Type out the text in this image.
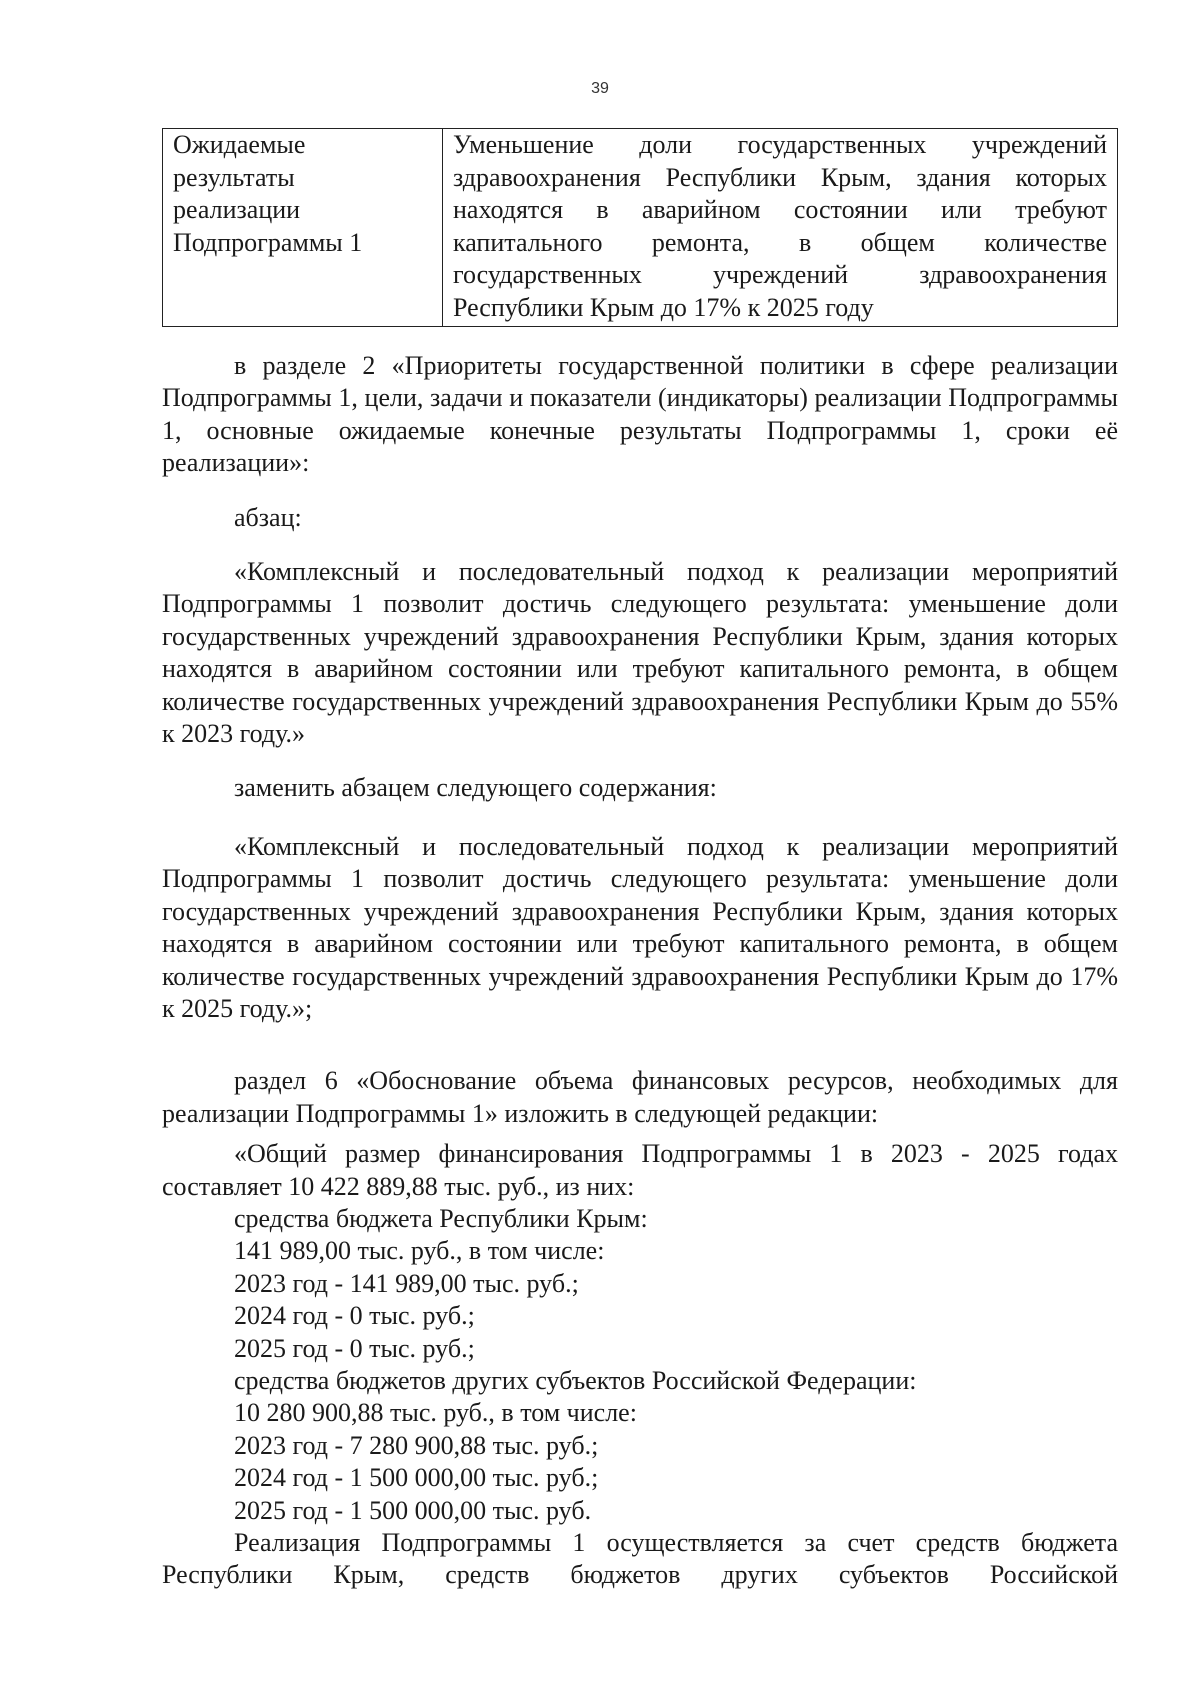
39
Ожидаемые
результаты
реализации
Подпрограммы 1
	Уменьшение доли государственных учреждений здравоохранения Республики Крым, здания которых находятся в аварийном состоянии или требуют капитального ремонта, в общем количестве государственных учреждений здравоохранения Республики Крым до 17% к 2025 году

в разделе 2 «Приоритеты государственной политики в сфере реализации Подпрограммы 1, цели, задачи и показатели (индикаторы) реализации Подпрограммы 1, основные ожидаемые конечные результаты Подпрограммы 1, сроки её реализации»:

абзац:

«Комплексный и последовательный подход к реализации мероприятий Подпрограммы 1 позволит достичь следующего результата: уменьшение доли государственных учреждений здравоохранения Республики Крым, здания которых находятся в аварийном состоянии или требуют капитального ремонта, в общем количестве государственных учреждений здравоохранения Республики Крым до 55% к 2023 году.»

заменить абзацем следующего содержания:

«Комплексный и последовательный подход к реализации мероприятий Подпрограммы 1 позволит достичь следующего результата: уменьшение доли государственных учреждений здравоохранения Республики Крым, здания которых находятся в аварийном состоянии или требуют капитального ремонта, в общем количестве государственных учреждений здравоохранения Республики Крым до 17% к 2025 году.»;

раздел 6 «Обоснование объема финансовых ресурсов, необходимых для реализации Подпрограммы 1» изложить в следующей редакции:

«Общий размер финансирования Подпрограммы 1 в 2023 - 2025 годах составляет 10 422 889,88 тыс. руб., из них:

средства бюджета Республики Крым:
141 989,00 тыс. руб., в том числе:
2023 год - 141 989,00 тыс. руб.;
2024 год - 0 тыс. руб.;
2025 год - 0 тыс. руб.;
средства бюджетов других субъектов Российской Федерации:
10 280 900,88 тыс. руб., в том числе:
2023 год - 7 280 900,88 тыс. руб.;
2024 год - 1 500 000,00 тыс. руб.;
2025 год - 1 500 000,00 тыс. руб.

Реализация Подпрограммы 1 осуществляется за счет средств бюджета Республики Крым, средств бюджетов других субъектов Российской
